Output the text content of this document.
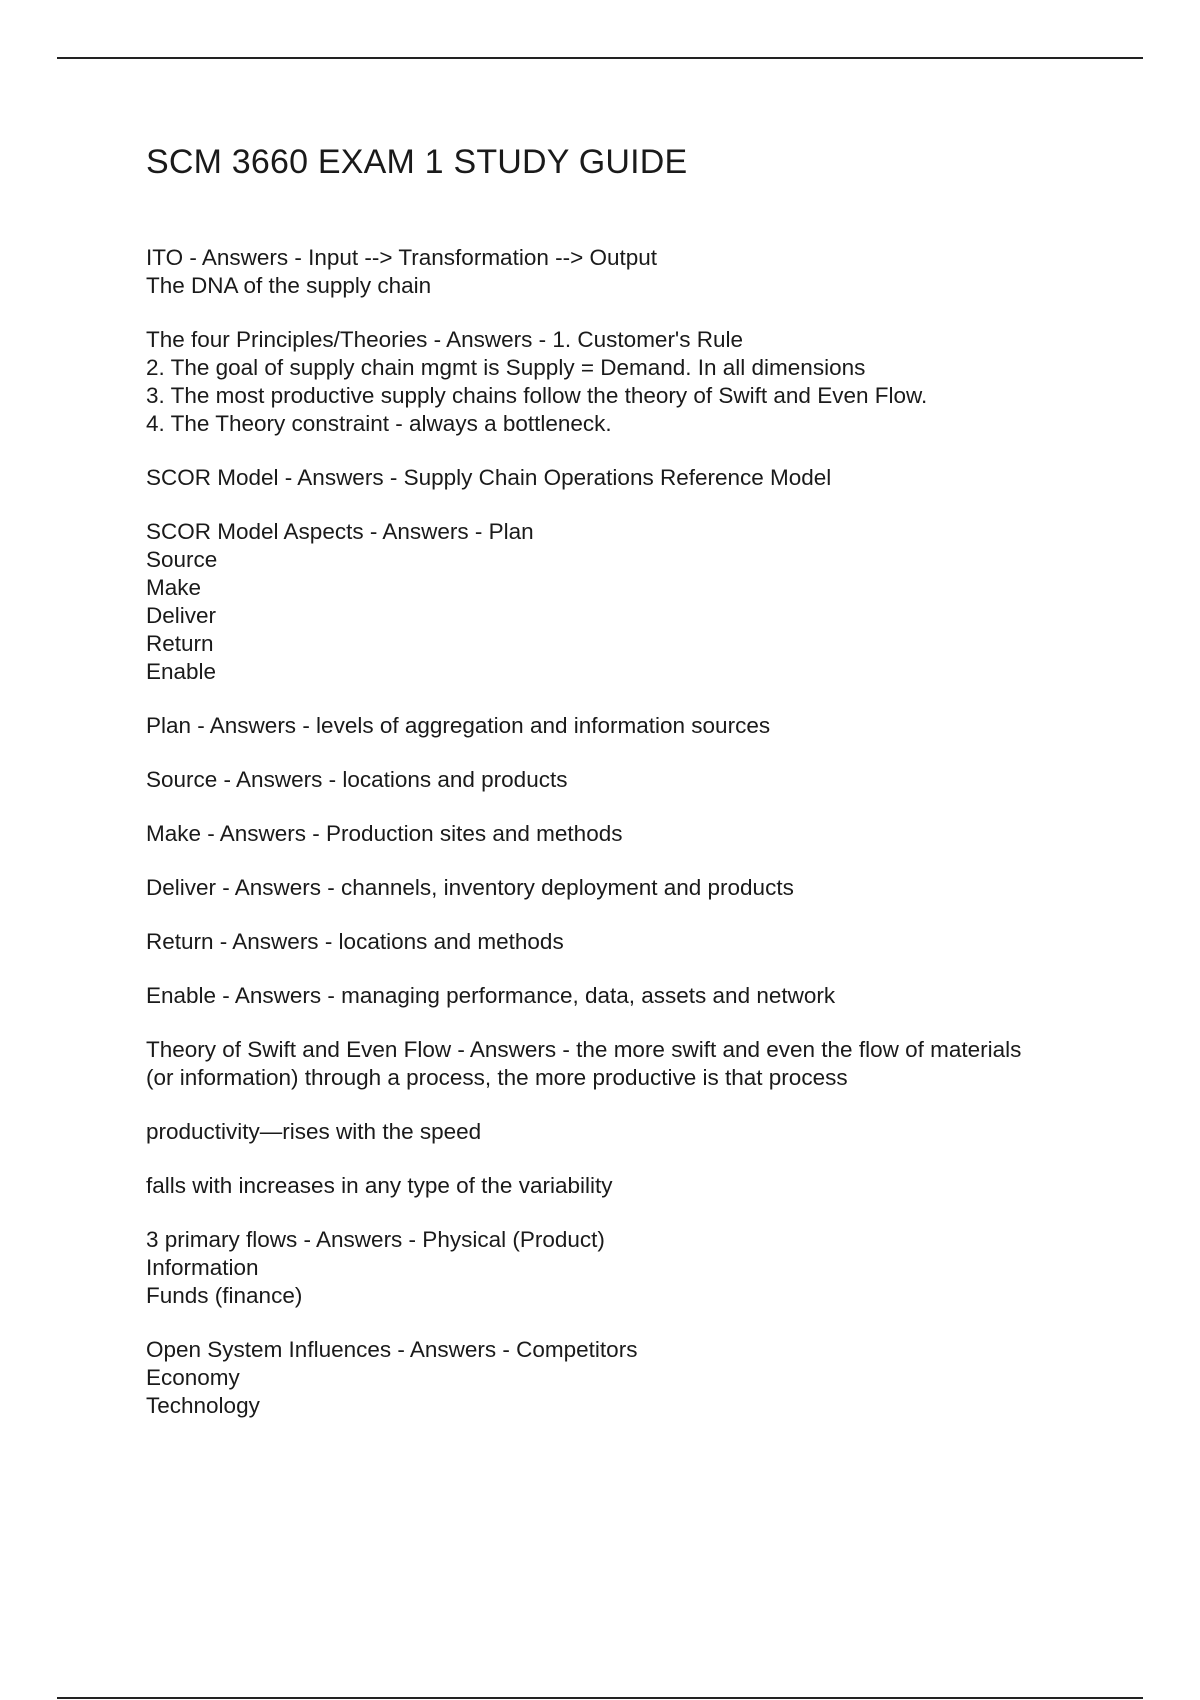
SCM 3660 EXAM 1 STUDY GUIDE
ITO - Answers - Input --> Transformation --> Output
The DNA of the supply chain
The four Principles/Theories - Answers - 1. Customer's Rule
2. The goal of supply chain mgmt is Supply = Demand. In all dimensions
3. The most productive supply chains follow the theory of Swift and Even Flow.
4. The Theory constraint - always a bottleneck.
SCOR Model - Answers - Supply Chain Operations Reference Model
SCOR Model Aspects - Answers - Plan
Source
Make
Deliver
Return
Enable
Plan - Answers - levels of aggregation and information sources
Source - Answers - locations and products
Make - Answers - Production sites and methods
Deliver - Answers - channels, inventory deployment and products
Return - Answers - locations and methods
Enable - Answers - managing performance, data, assets and network
Theory of Swift and Even Flow - Answers - the more swift and even the flow of materials
(or information) through a process, the more productive is that process
productivity—rises with the speed
falls with increases in any type of the variability
3 primary flows - Answers - Physical (Product)
Information
Funds (finance)
Open System Influences - Answers - Competitors
Economy
Technology
